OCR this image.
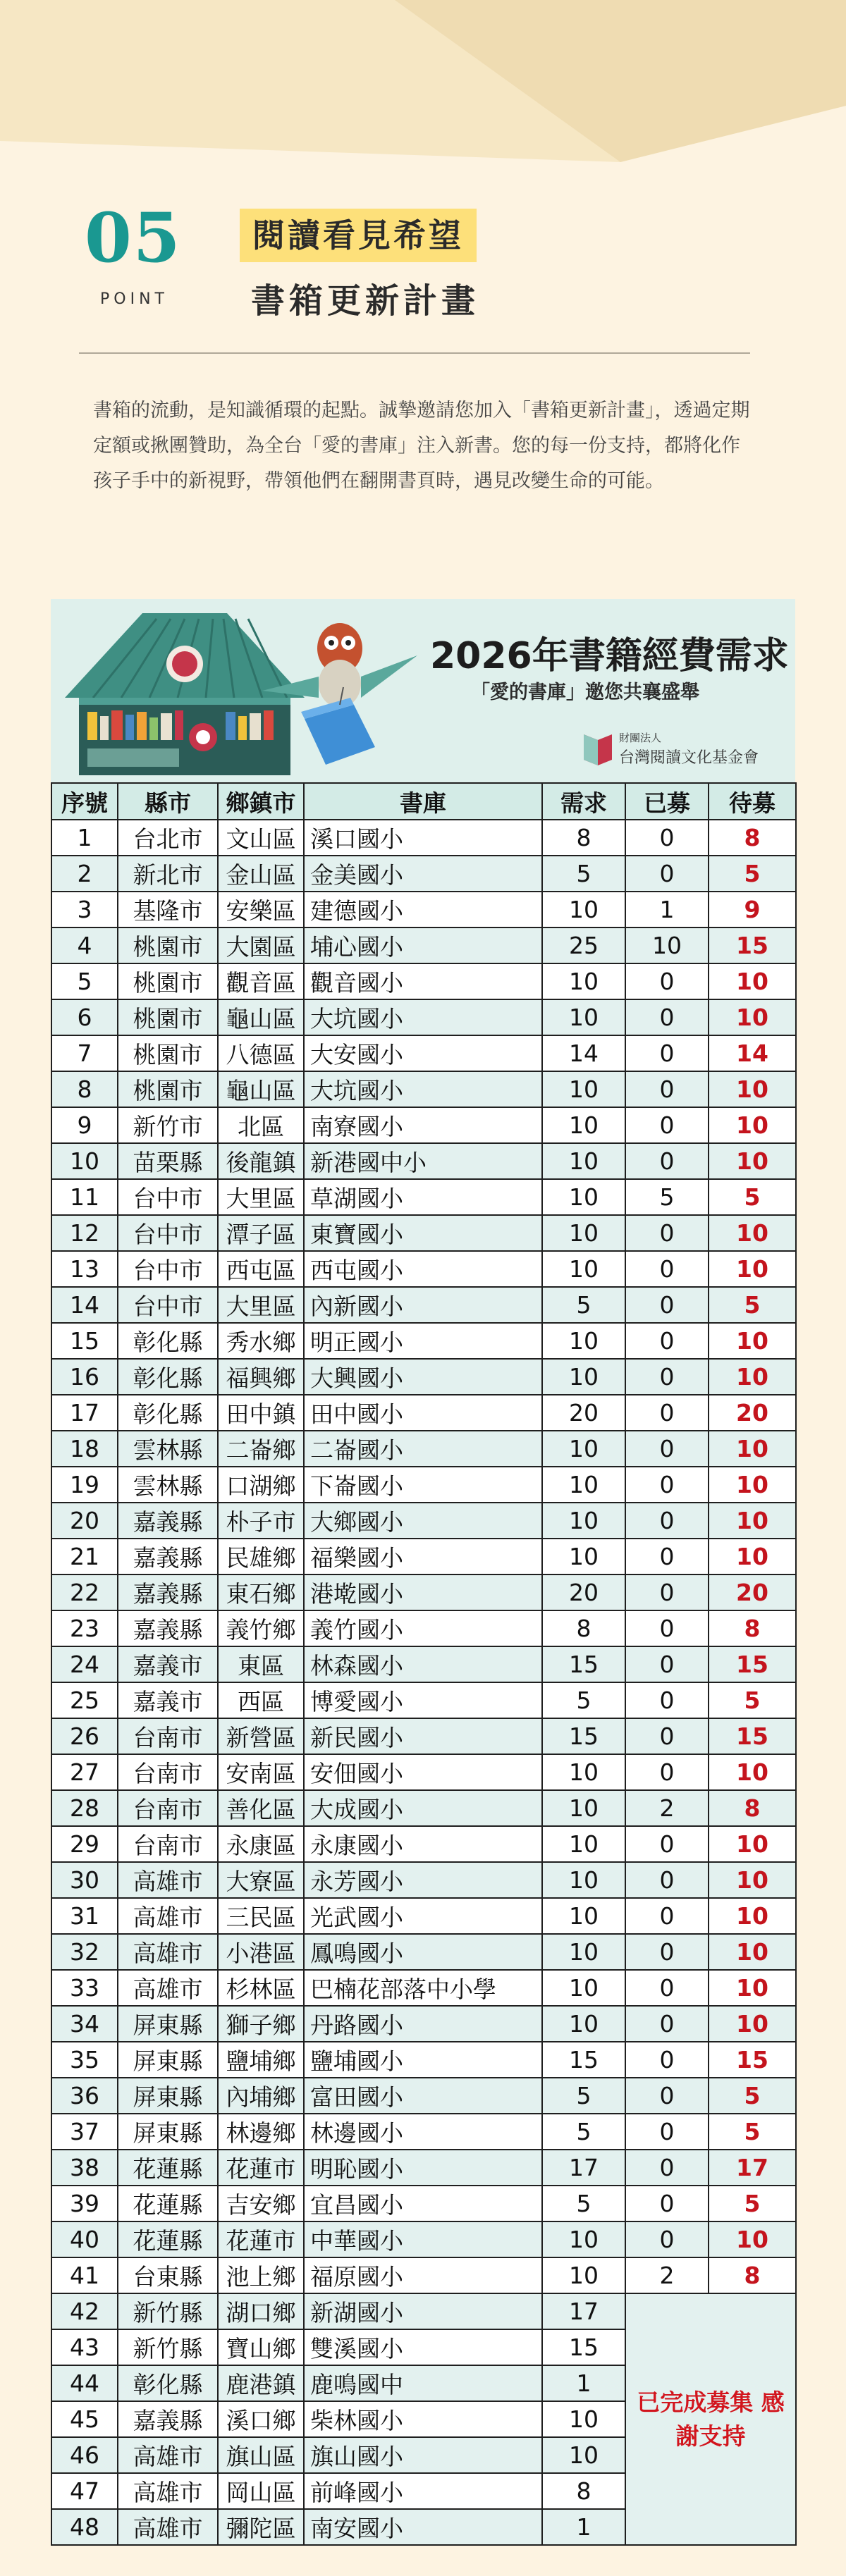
05
POINT
閱讀看見希望
書箱更新計畫

書箱的流動，是知識循環的起點。誠摯邀請您加入「書箱更新計畫」，透過定期定額或揪團贊助，為全台「愛的書庫」注入新書。您的每一份支持，都將化作孩子手中的新視野，帶領他們在翻開書頁時，遇見改變生命的可能。

2026年書籍經費需求
「愛的書庫」邀您共襄盛舉
財團法人
台灣閱讀文化基金會
序號	縣市	鄉鎮市	書庫	需求	已募	待募
1	台北市	文山區	溪口國小	8	0	8
2	新北市	金山區	金美國小	5	0	5
3	基隆市	安樂區	建德國小	10	1	9
4	桃園市	大園區	埔心國小	25	10	15
5	桃園市	觀音區	觀音國小	10	0	10
6	桃園市	龜山區	大坑國小	10	0	10
7	桃園市	八德區	大安國小	14	0	14
8	桃園市	龜山區	大坑國小	10	0	10
9	新竹市	北區	南寮國小	10	0	10
10	苗栗縣	後龍鎮	新港國中小	10	0	10
11	台中市	大里區	草湖國小	10	5	5
12	台中市	潭子區	東寶國小	10	0	10
13	台中市	西屯區	西屯國小	10	0	10
14	台中市	大里區	內新國小	5	0	5
15	彰化縣	秀水鄉	明正國小	10	0	10
16	彰化縣	福興鄉	大興國小	10	0	10
17	彰化縣	田中鎮	田中國小	20	0	20
18	雲林縣	二崙鄉	二崙國小	10	0	10
19	雲林縣	口湖鄉	下崙國小	10	0	10
20	嘉義縣	朴子市	大鄉國小	10	0	10
21	嘉義縣	民雄鄉	福樂國小	10	0	10
22	嘉義縣	東石鄉	港墘國小	20	0	20
23	嘉義縣	義竹鄉	義竹國小	8	0	8
24	嘉義市	東區	林森國小	15	0	15
25	嘉義市	西區	博愛國小	5	0	5
26	台南市	新營區	新民國小	15	0	15
27	台南市	安南區	安佃國小	10	0	10
28	台南市	善化區	大成國小	10	2	8
29	台南市	永康區	永康國小	10	0	10
30	高雄市	大寮區	永芳國小	10	0	10
31	高雄市	三民區	光武國小	10	0	10
32	高雄市	小港區	鳳鳴國小	10	0	10
33	高雄市	杉林區	巴楠花部落中小學	10	0	10
34	屏東縣	獅子鄉	丹路國小	10	0	10
35	屏東縣	鹽埔鄉	鹽埔國小	15	0	15
36	屏東縣	內埔鄉	富田國小	5	0	5
37	屏東縣	林邊鄉	林邊國小	5	0	5
38	花蓮縣	花蓮市	明恥國小	17	0	17
39	花蓮縣	吉安鄉	宜昌國小	5	0	5
40	花蓮縣	花蓮市	中華國小	10	0	10
41	台東縣	池上鄉	福原國小	10	2	8
42	新竹縣	湖口鄉	新湖國小	17	已完成募集 感謝支持	
43	新竹縣	寶山鄉	雙溪國小	15		
44	彰化縣	鹿港鎮	鹿鳴國中	1		
45	嘉義縣	溪口鄉	柴林國小	10		
46	高雄市	旗山區	旗山國小	10		
47	高雄市	岡山區	前峰國小	8		
48	高雄市	彌陀區	南安國小	1		
